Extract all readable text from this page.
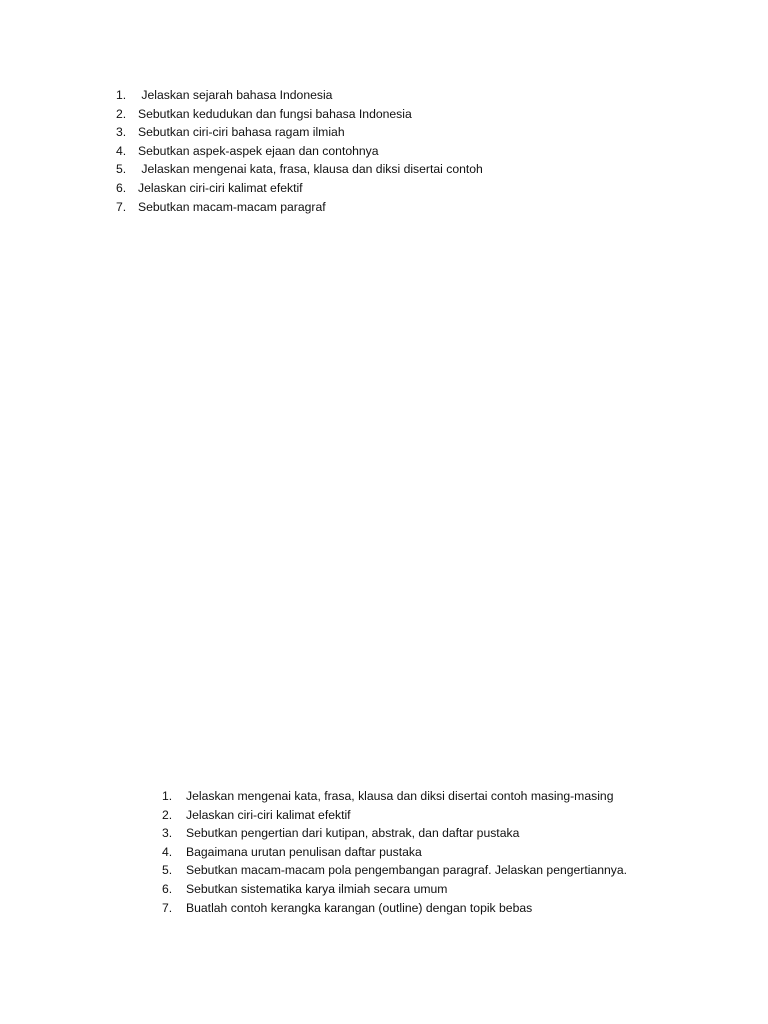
1. Jelaskan sejarah bahasa Indonesia
2. Sebutkan kedudukan dan fungsi bahasa Indonesia
3. Sebutkan ciri-ciri bahasa ragam ilmiah
4. Sebutkan aspek-aspek ejaan dan contohnya
5. Jelaskan mengenai kata, frasa, klausa dan diksi disertai contoh
6. Jelaskan ciri-ciri kalimat efektif
7. Sebutkan macam-macam paragraf
1.	Jelaskan mengenai kata, frasa, klausa dan diksi disertai contoh masing-masing
2.	Jelaskan ciri-ciri kalimat efektif
3.	Sebutkan pengertian dari kutipan, abstrak, dan daftar pustaka
4.	Bagaimana urutan penulisan daftar pustaka
5.	Sebutkan macam-macam pola pengembangan paragraf. Jelaskan pengertiannya.
6.	Sebutkan sistematika karya ilmiah secara umum
7.	Buatlah contoh kerangka karangan (outline) dengan topik bebas
